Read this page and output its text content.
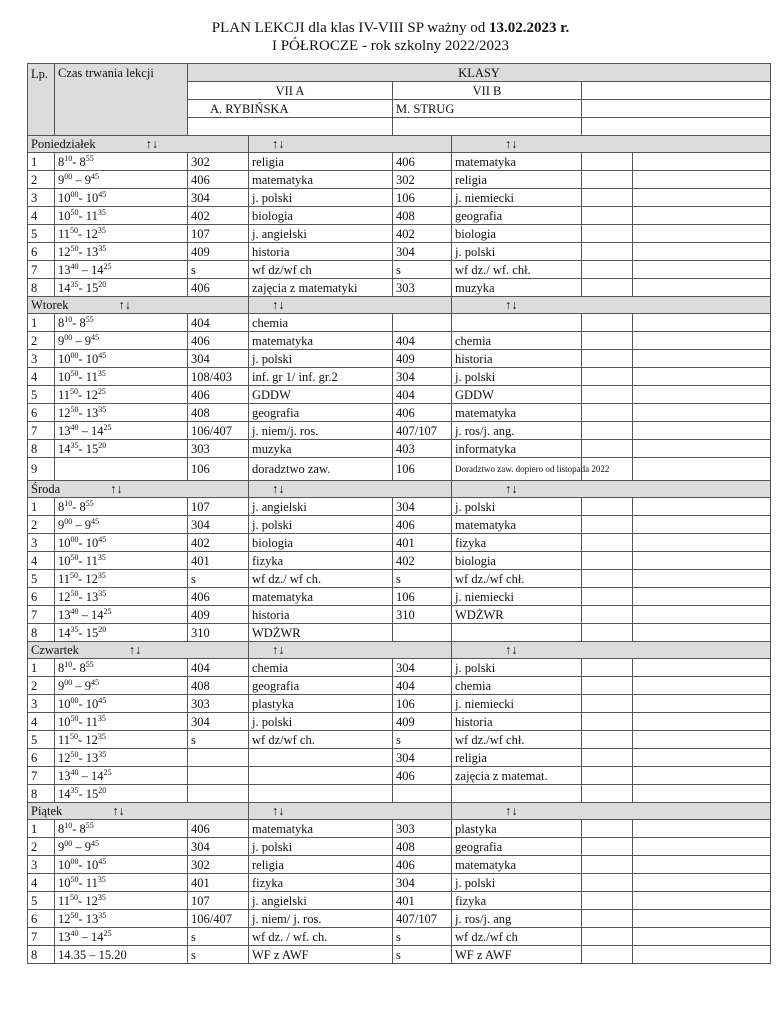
PLAN LEKCJI dla klas IV-VIII SP ważny od 13.02.2023 r.
I PÓŁROCZE - rok szkolny 2022/2023
Lp.	Czas trwania lekcji	KLASY					
		VII A		VII B			
		A. RYBIŃSKA		M. STRUG			

Poniedziałek ↑↓			↑↓		↑↓		
1	$8^{10}-$ $8^{55}$	302	religia	406	matematyka		
2	$9^{00} - 9^{45}$	406	matematyka	302	religia		
3	$10^{00}-$ $10^{45}$	304	j. polski	106	j. niemiecki		
4	$10^{50}-$ $11^{35}$	402	biologia	408	geografia		
5	$11^{50}-$ $12^{35}$	107	j. angielski	402	biologia		
6	$12^{50}-$ $13^{35}$	409	historia	304	j. polski		
7	$13^{40} - 14^{25}$	s	wf dz/wf ch	s	wf dz./ wf. chł.		
8	$14^{35}-$ $15^{20}$	406	zajęcia z matematyki	303	muzyka		
Wtorek ↑↓			↑↓		↑↓		
1	$8^{10}-$ $8^{55}$	404	chemia				
2	$9^{00} - 9^{45}$	406	matematyka	404	chemia		
3	$10^{00}-$ $10^{45}$	304	j. polski	409	historia		
4	$10^{50}-$ $11^{35}$	108/403	inf. gr 1/ inf. gr.2	304	j. polski		
5	$11^{50}-$ $12^{25}$	406	GDDW	404	GDDW		
6	$12^{50}-$ $13^{35}$	408	geografia	406	matematyka		
7	$13^{40} - 14^{25}$	106/407	j. niem/j. ros.	407/107	j. ros/j. ang.		
8	$14^{35}-$ $15^{20}$	303	muzyka	403	informatyka		
9		106	doradztwo zaw.	106	Doradztwo zaw. dopiero od listopada 2022		
Środa ↑↓			↑↓		↑↓		
1	$8^{10}-$ $8^{55}$	107	j. angielski	304	j. polski		
2	$9^{00} - 9^{45}$	304	j. polski	406	matematyka		
3	$10^{00}-$ $10^{45}$	402	biologia	401	fizyka		
4	$10^{50}-$ $11^{35}$	401	fizyka	402	biologia		
5	$11^{50}-$ $12^{35}$	s	wf dz./ wf ch.	s	wf dz./wf chł.		
6	$12^{50}-$ $13^{35}$	406	matematyka	106	j. niemiecki		
7	$13^{40} - 14^{25}$	409	historia	310	WDŻWR		
8	$14^{35}-$ $15^{20}$	310	WDŻWR				
Czwartek ↑↓			↑↓		↑↓		
1	$8^{10}-$ $8^{55}$	404	chemia	304	j. polski		
2	$9^{00} - 9^{45}$	408	geografia	404	chemia		
3	$10^{00}-$ $10^{45}$	303	plastyka	106	j. niemiecki		
4	$10^{50}-$ $11^{35}$	304	j. polski	409	historia		
5	$11^{50}-$ $12^{35}$	s	wf dz/wf ch.	s	wf dz./wf chł.		
6	$12^{50}-$ $13^{35}$			304	religia		
7	$13^{40} - 14^{25}$			406	zajęcia z matemat.		
8	$14^{35}-$ $15^{20}$						
Piątek ↑↓			↑↓		↑↓		
1	$8^{10}-$ $8^{55}$	406	matematyka	303	plastyka		
2	$9^{00} - 9^{45}$	304	j. polski	408	geografia		
3	$10^{00}-$ $10^{45}$	302	religia	406	matematyka		
4	$10^{50}-$ $11^{35}$	401	fizyka	304	j. polski		
5	$11^{50}-$ $12^{35}$	107	j. angielski	401	fizyka		
6	$12^{50}-$ $13^{35}$	106/407	j. niem/ j. ros.	407/107	j. ros/j. ang		
7	$13^{40} - 14^{25}$	s	wf dz. / wf. ch.	s	wf dz./wf ch		
8	14.35 – 15.20	s	WF z AWF	s	WF z AWF		
